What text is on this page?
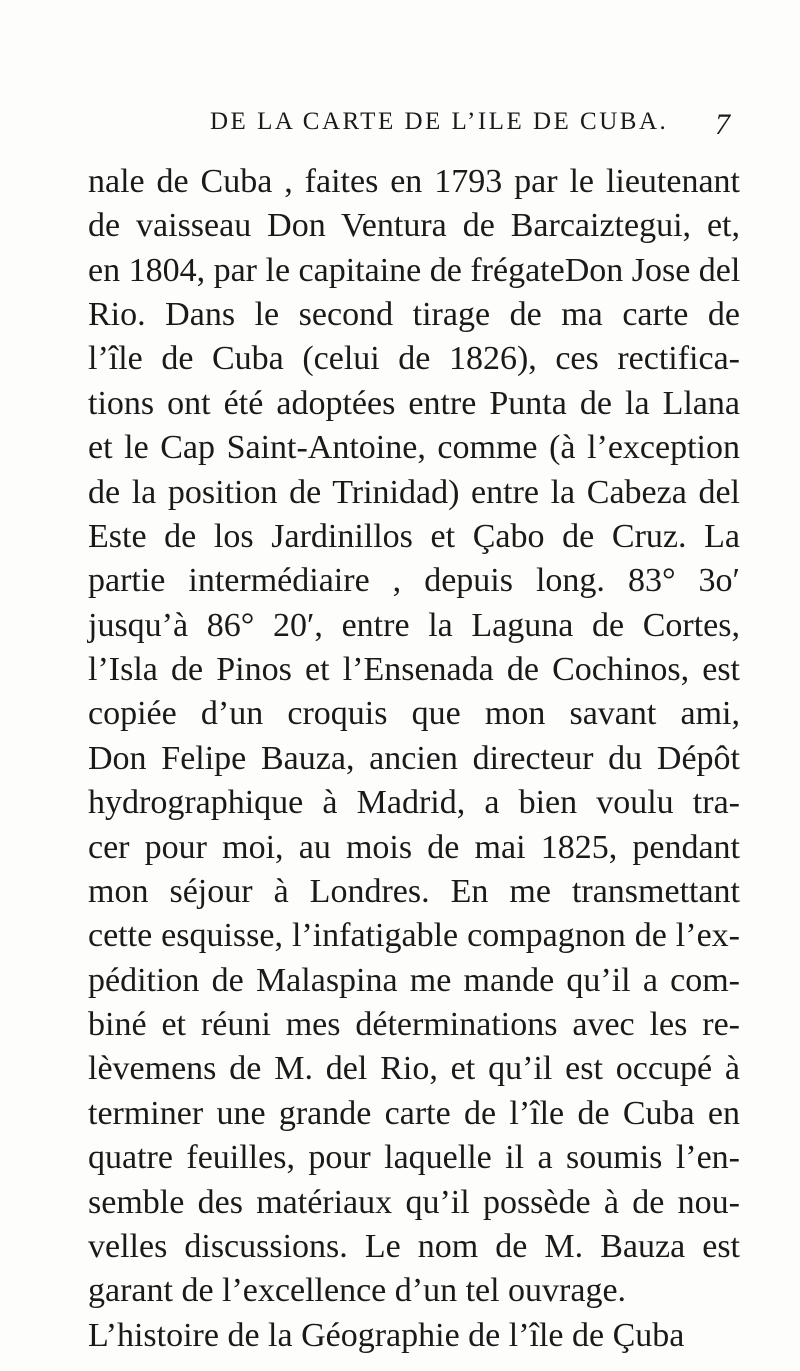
DE LA CARTE DE L’ILE DE CUBA. 7
nale de Cuba , faites en 1793 par le lieutenant
de vaisseau Don Ventura de Barcaiztegui, et,
en 1804, par le capitaine de frégateDon Jose del
Rio. Dans le second tirage de ma carte de
l’île de Cuba (celui de 1826), ces rectifica-
tions ont été adoptées entre Punta de la Llana
et le Cap Saint-Antoine, comme (à l’exception
de la position de Trinidad) entre la Cabeza del
Este de los Jardinillos et Çabo de Cruz. La
partie intermédiaire , depuis long. 83° 3o′
jusqu’à 86° 20′, entre la Laguna de Cortes,
l’Isla de Pinos et l’Ensenada de Cochinos, est
copiée d’un croquis que mon savant ami,
Don Felipe Bauza, ancien directeur du Dépôt
hydrographique à Madrid, a bien voulu tra-
cer pour moi, au mois de mai 1825, pendant
mon séjour à Londres. En me transmettant
cette esquisse, l’infatigable compagnon de l’ex-
pédition de Malaspina me mande qu’il a com-
biné et réuni mes déterminations avec les re-
lèvemens de M. del Rio, et qu’il est occupé à
terminer une grande carte de l’île de Cuba en
quatre feuilles, pour laquelle il a soumis l’en-
semble des matériaux qu’il possède à de nou-
velles discussions. Le nom de M. Bauza est
garant de l’excellence d’un tel ouvrage.
L’histoire de la Géographie de l’île de Çuba
